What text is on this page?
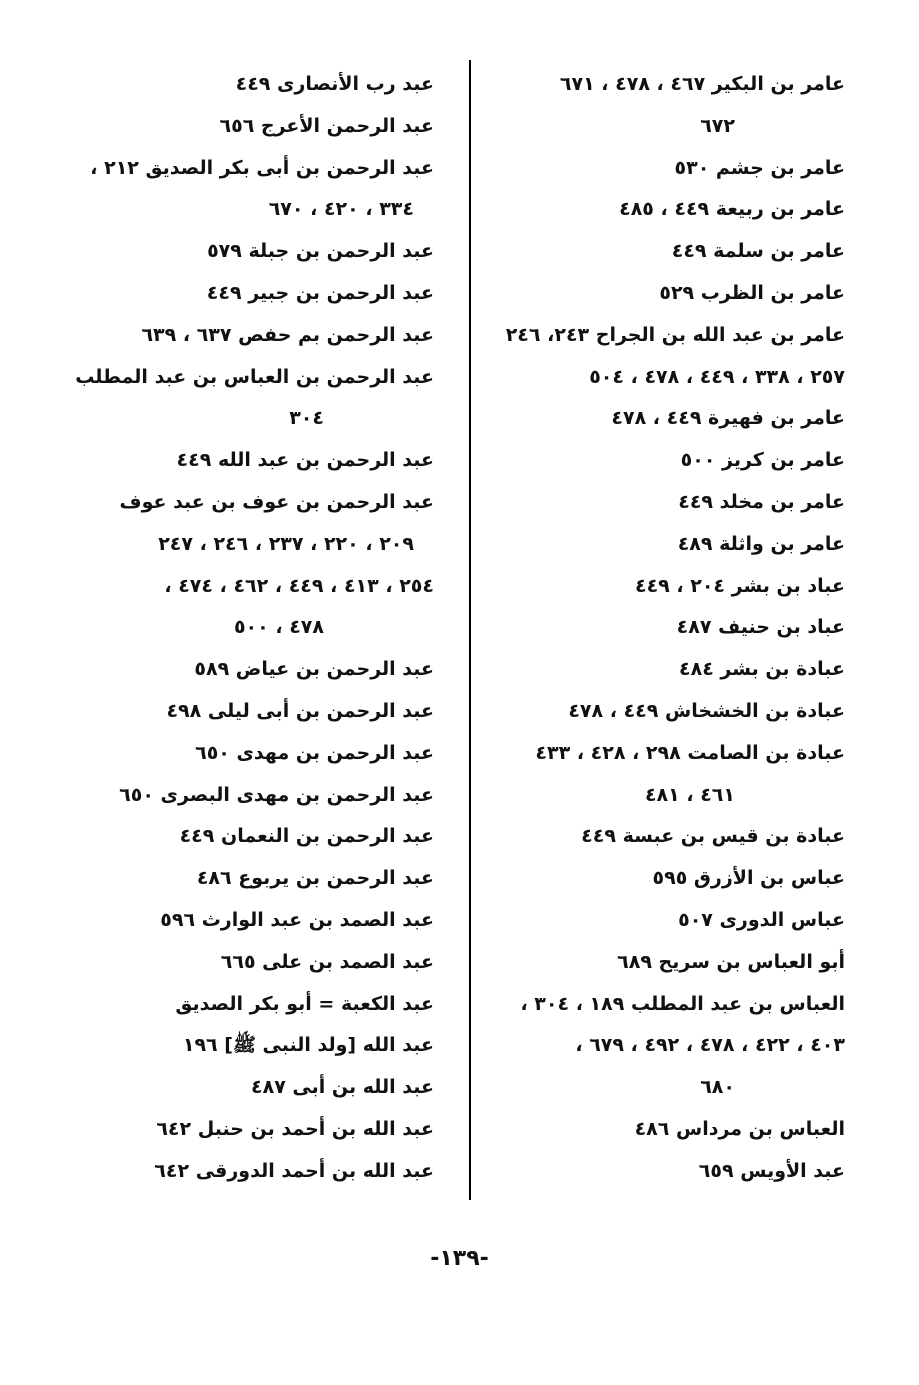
عامر بن البكير ٤٦٧ ، ٤٧٨ ، ٦٧١
٦٧٢
عامر بن جشم ٥٣٠
عامر بن ربيعة ٤٤٩ ، ٤٨٥
عامر بن سلمة ٤٤٩
عامر بن الظرب ٥٢٩
عامر بن عبد الله بن الجراح ٢٤٣، ٢٤٦
٢٥٧ ، ٣٣٨ ، ٤٤٩ ، ٤٧٨ ، ٥٠٤
عامر بن فهيرة ٤٤٩ ، ٤٧٨
عامر بن كريز ٥٠٠
عامر بن مخلد ٤٤٩
عامر بن واثلة ٤٨٩
عباد بن بشر ٢٠٤ ، ٤٤٩
عباد بن حنيف ٤٨٧
عبادة بن بشر ٤٨٤
عبادة بن الخشخاش ٤٤٩ ، ٤٧٨
عبادة بن الصامت ٢٩٨ ، ٤٢٨ ، ٤٣٣
٤٦١ ، ٤٨١
عبادة بن قيس بن عبسة ٤٤٩
عباس بن الأزرق ٥٩٥
عباس الدورى ٥٠٧
أبو العباس بن سريح ٦٨٩
العباس بن عبد المطلب ١٨٩ ، ٣٠٤ ،
٤٠٣ ، ٤٢٢ ، ٤٧٨ ، ٤٩٢ ، ٦٧٩ ،
٦٨٠
العباس بن مرداس ٤٨٦
عبد الأويس ٦٥٩
عبد رب الأنصارى ٤٤٩
عبد الرحمن الأعرج ٦٥٦
عبد الرحمن بن أبى بكر الصديق ٢١٢ ،
٣٣٤ ، ٤٢٠ ، ٦٧٠
عبد الرحمن بن جبلة ٥٧٩
عبد الرحمن بن جبير ٤٤٩
عبد الرحمن بم حفص ٦٣٧ ، ٦٣٩
عبد الرحمن بن العباس بن عبد المطلب
٣٠٤
عبد الرحمن بن عبد الله ٤٤٩
عبد الرحمن بن عوف بن عبد عوف
٢٠٩ ، ٢٢٠ ، ٢٣٧ ، ٢٤٦ ، ٢٤٧
٢٥٤ ، ٤١٣ ، ٤٤٩ ، ٤٦٢ ، ٤٧٤ ،
٤٧٨ ، ٥٠٠
عبد الرحمن بن عياض ٥٨٩
عبد الرحمن بن أبى ليلى ٤٩٨
عبد الرحمن بن مهدى ٦٥٠
عبد الرحمن بن مهدى البصرى ٦٥٠
عبد الرحمن بن النعمان ٤٤٩
عبد الرحمن بن يربوع ٤٨٦
عبد الصمد بن عبد الوارث ٥٩٦
عبد الصمد بن على ٦٦٥
عبد الكعبة = أبو بكر الصديق
عبد الله [ولد النبى ﷺ] ١٩٦
عبد الله بن أبى ٤٨٧
عبد الله بن أحمد بن حنبل ٦٤٢
عبد الله بن أحمد الدورقى ٦٤٢
-١٣٩-
